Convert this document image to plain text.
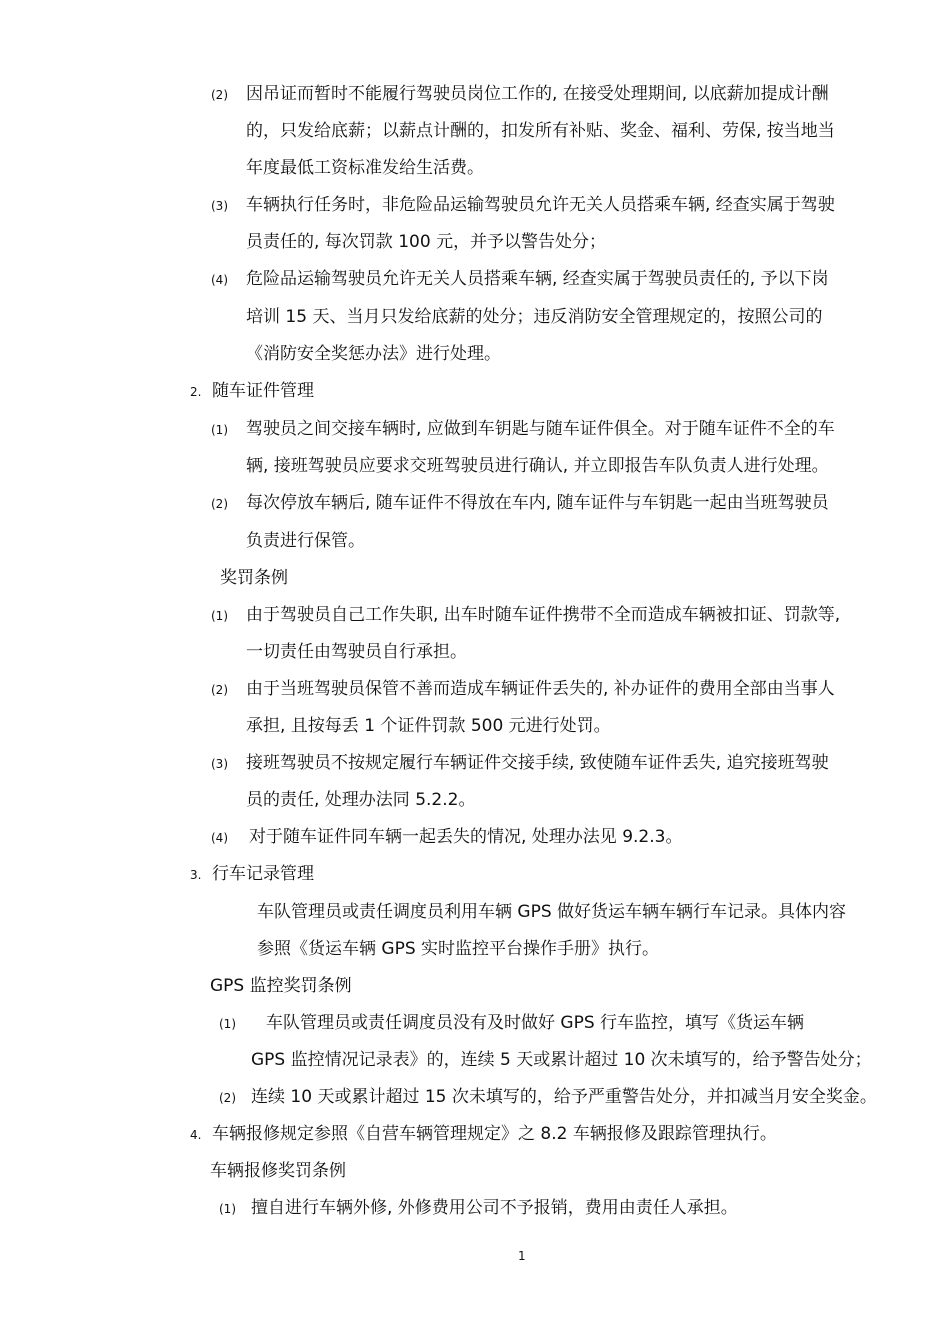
(2) 因吊证而暂时不能履行驾驶员岗位工作的, 在接受处理期间, 以底薪加提成计酬
的，只发给底薪；以薪点计酬的，扣发所有补贴、奖金、福利、劳保, 按当地当
年度最低工资标准发给生活费。
(3) 车辆执行任务时，非危险品运输驾驶员允许无关人员搭乘车辆, 经查实属于驾驶
员责任的, 每次罚款 100 元，并予以警告处分；
(4) 危险品运输驾驶员允许无关人员搭乘车辆, 经查实属于驾驶员责任的, 予以下岗
培训 15 天、当月只发给底薪的处分；违反消防安全管理规定的，按照公司的
《消防安全奖惩办法》进行处理。
2. 随车证件管理
(1) 驾驶员之间交接车辆时, 应做到车钥匙与随车证件俱全。对于随车证件不全的车
辆, 接班驾驶员应要求交班驾驶员进行确认, 并立即报告车队负责人进行处理。
(2) 每次停放车辆后, 随车证件不得放在车内, 随车证件与车钥匙一起由当班驾驶员
负责进行保管。
奖罚条例
(1) 由于驾驶员自己工作失职, 出车时随车证件携带不全而造成车辆被扣证、罚款等,
一切责任由驾驶员自行承担。
(2) 由于当班驾驶员保管不善而造成车辆证件丢失的, 补办证件的费用全部由当事人
承担, 且按每丢 1 个证件罚款 500 元进行处罚。
(3) 接班驾驶员不按规定履行车辆证件交接手续, 致使随车证件丢失, 追究接班驾驶
员的责任, 处理办法同 5.2.2。
(4) 对于随车证件同车辆一起丢失的情况, 处理办法见 9.2.3。
3. 行车记录管理
车队管理员或责任调度员利用车辆 GPS 做好货运车辆车辆行车记录。具体内容
参照《货运车辆 GPS 实时监控平台操作手册》执行。
GPS 监控奖罚条例
(1) 车队管理员或责任调度员没有及时做好 GPS 行车监控，填写《货运车辆
GPS 监控情况记录表》的，连续 5 天或累计超过 10 次未填写的，给予警告处分；
(2) 连续 10 天或累计超过 15 次未填写的，给予严重警告处分，并扣减当月安全奖金。
4. 车辆报修规定参照《自营车辆管理规定》之 8.2 车辆报修及跟踪管理执行。
车辆报修奖罚条例
(1) 擅自进行车辆外修, 外修费用公司不予报销，费用由责任人承担。
1
